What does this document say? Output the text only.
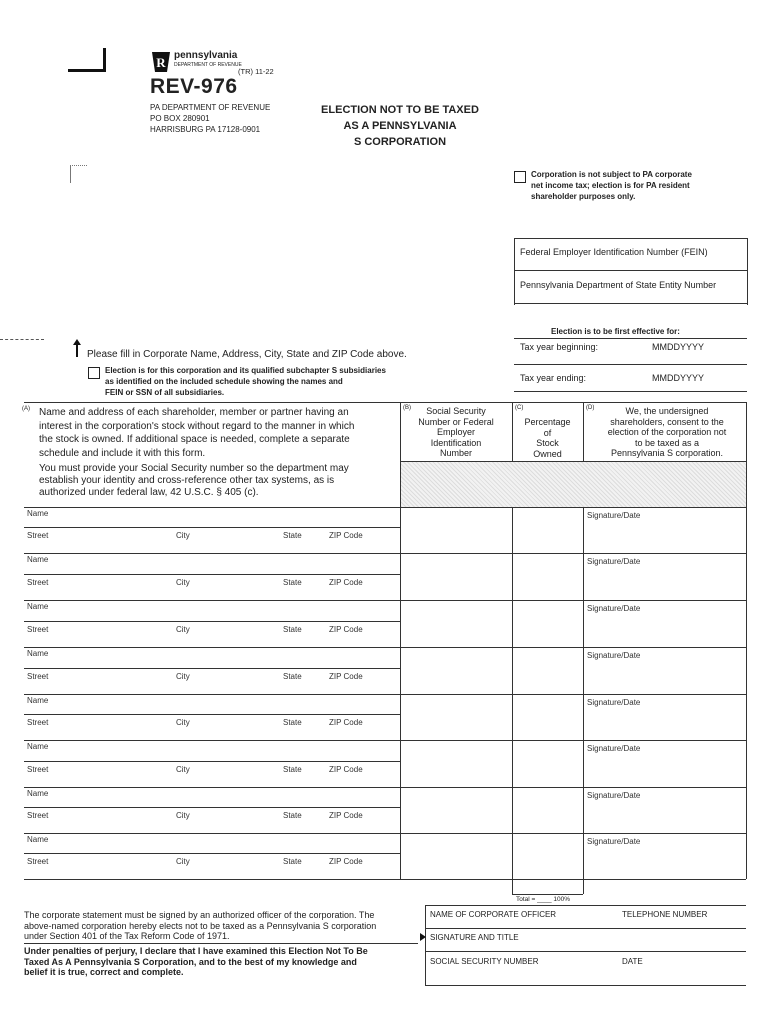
R pennsylvania
DEPARTMENT OF REVENUE
(TR) 11-22
REV-976
PA DEPARTMENT OF REVENUE
PO BOX 280901
HARRISBURG PA 17128-0901
ELECTION NOT TO BE TAXED
AS A PENNSYLVANIA
S CORPORATION
Corporation is not subject to PA corporate
net income tax; election is for PA resident
shareholder purposes only.
Federal Employer Identification Number (FEIN)
Pennsylvania Department of State Entity Number
Election is to be first effective for:
Tax year beginning:	MMDDYYYY
Tax year ending:	MMDDYYYY
Please fill in Corporate Name, Address, City, State and ZIP Code above.
Election is for this corporation and its qualified subchapter S subsidiaries
as identified on the included schedule showing the names and
FEIN or SSN of all subsidiaries.
(A) Name and address of each shareholder, member or partner having an
interest in the corporation's stock without regard to the manner in which
the stock is owned. If additional space is needed, complete a separate
schedule and include it with this form.
You must provide your Social Security number so the department may
establish your identity and cross-reference other tax systems, as is
authorized under federal law, 42 U.S.C. § 405 (c).
(B)	Social Security
Number or Federal
Employer
Identification
Number
(C)
Percentage
of
Stock
Owned
(D)	We, the undersigned
shareholders, consent to the
election of the corporation not
to be taxed as a
Pennsylvania S corporation.
Name
Street	City	State	ZIP Code
Signature/Date
Name
Street	City	State	ZIP Code
Signature/Date
Name
Street	City	State	ZIP Code
Signature/Date
Name
Street	City	State	ZIP Code
Signature/Date
Name
Street	City	State	ZIP Code
Signature/Date
Name
Street	City	State	ZIP Code
Signature/Date
Name
Street	City	State	ZIP Code
Signature/Date
Name
Street	City	State	ZIP Code
Signature/Date
Total = ____ 100%
The corporate statement must be signed by an authorized officer of the corporation. The
above-named corporation hereby elects not to be taxed as a Pennsylvania S corporation
under Section 401 of the Tax Reform Code of 1971.
Under penalties of perjury, I declare that I have examined this Election Not To Be
Taxed As A Pennsylvania S Corporation, and to the best of my knowledge and
belief it is true, correct and complete.
NAME OF CORPORATE OFFICER	TELEPHONE NUMBER
SIGNATURE AND TITLE
SOCIAL SECURITY NUMBER	DATE
